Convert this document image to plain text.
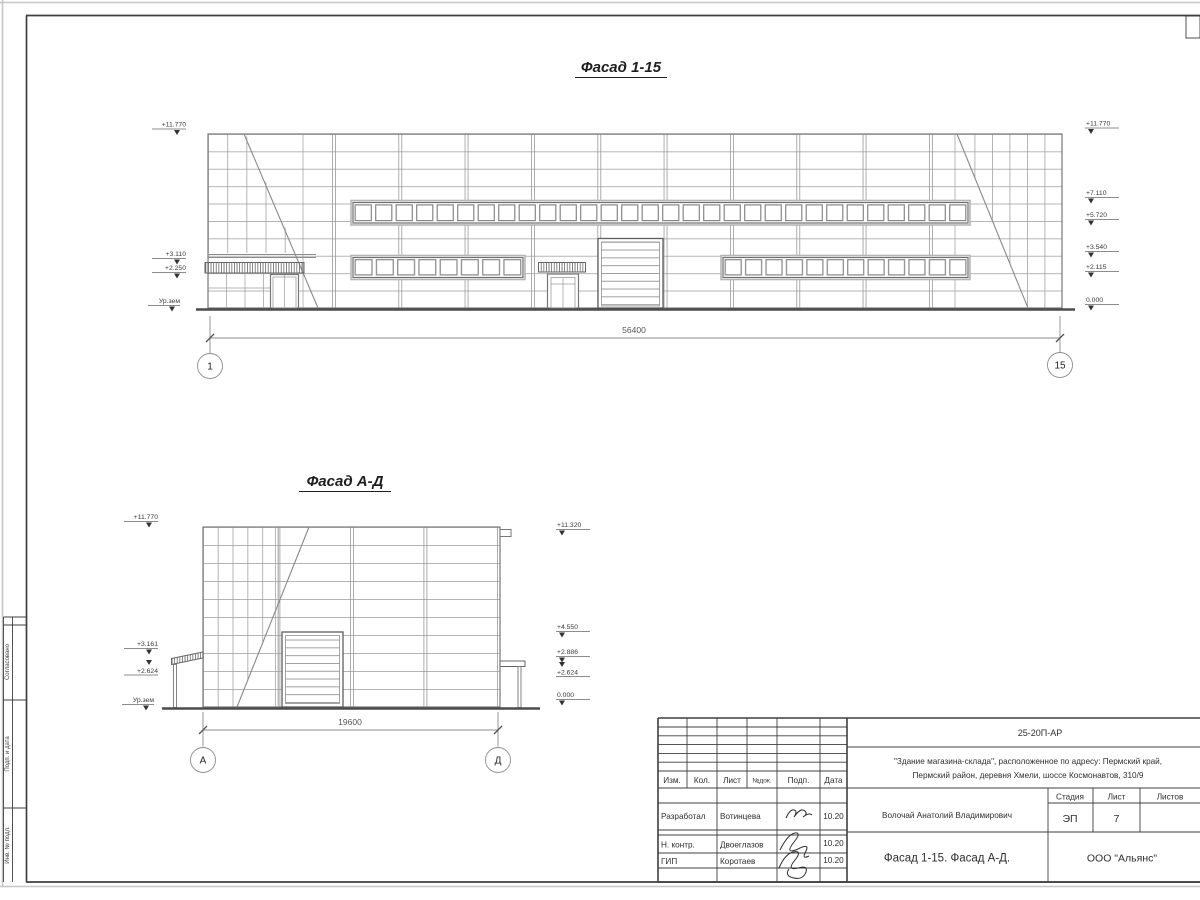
Фасад 1-15
56400
1	15
+11.770
+3.110
+2.250
Ур.зем
+11.770
+7.110
+5.720
+3.540
+2.115
0.000
Фасад А-Д
19600
А	Д
+11.770
+3.161
+2.624
Ур.зем
+11.320
+4.550
+2.886
+2.624
0.000
Согласовано
Подп. и дата
Инв. № подл.
Изм. Кол. Лист №док. Подп. Дата
Разработал Вотинцева	10.20
Н. контр.	Двоеглазов	10.20
ГИП	Коротаев	10.20
25-20П-АР
"Здание магазина-склада", расположенное по адресу: Пермский край,
Пермский район, деревня Хмели, шоссе Космонавтов, 310/9
Волочай Анатолий Владимирович
Стадия	Лист	Листов
ЭП	7
Фасад 1-15. Фасад А-Д.	ООО "Альянс"
